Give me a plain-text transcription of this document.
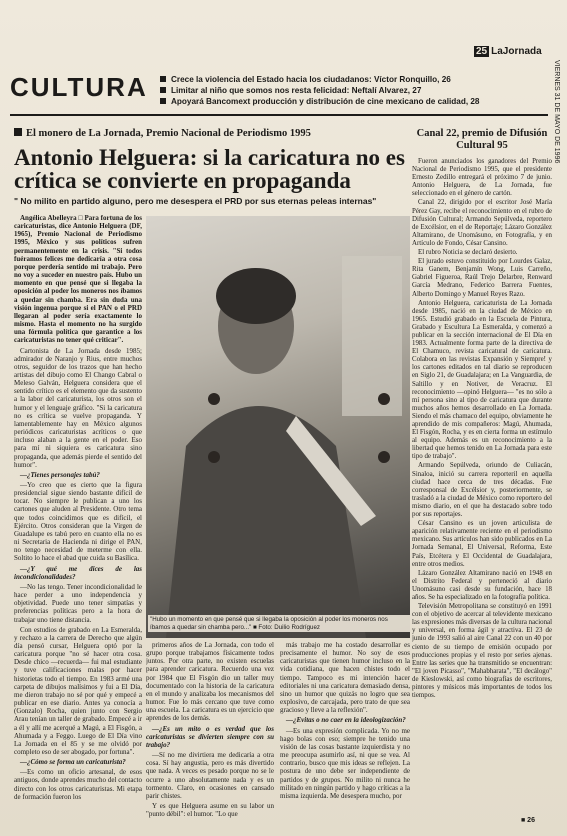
CULTURA	Crece la violencia del Estado hacia los ciudadanos: Víctor Ronquillo, 26
Limitar al niño que somos nos resta felicidad: Neftalí Alvarez, 27
Apoyará Bancomext producción y distribución de cine mexicano de calidad, 28
25 LaJornada
VIERNES 31 DE MAYO DE 1996
El monero de La Jornada, Premio Nacional de Periodismo 1995
Antonio Helguera: si la caricatura no es crítica se convierte en propaganda
" No milito en partido alguno, pero me desespera el PRD por sus eternas peleas internas"

Angélica Abelleyra □ Para fortuna de los caricaturistas, dice Antonio Helguera (DF, 1965), Premio Nacional de Periodismo 1995, México y sus políticos sufren permanentemente en la crisis. "Si todos fuéramos felices me dedicaría a otra cosa porque perdería sentido mi trabajo. Pero no voy a suceder en nuestro país. Hubo un momento en que pensé que si llegaba la oposición al poder los moneros nos íbamos a quedar sin chamba. Era sin duda una visión ingenua porque si el PAN o el PRD llegaran al poder sería exactamente lo mismo. Hasta el momento no ha surgido una fórmula política que garantice a los caricaturistas no tener qué criticar".

Cartonista de La Jornada desde 1985; admirador de Naranjo y Rius, entre muchos otros, seguidor de los trazos que han hecho artistas del dibujo como El Chango Cabral o Meleso Galván, Helguera considera que el sentido crítico es el elemento que da sustento a la labor del caricaturista, los otros son el humor y el lenguaje gráfico. "Si la caricatura no es crítica se vuelve propaganda. Y lamentablemente hay en México algunos periódicos caricaturistas acríticos o que incluso alaban a la gente en el poder. Eso para mí ni siquiera es caricatura sino propaganda, que además pierde el sentido del humor".

—¿Tienes personajes tabú?

—Yo creo que es cierto que la figura presidencial sigue siendo bastante difícil de tocar. No siempre le publican a uno los cartones que aluden al Presidente. Otro tema que todos coincidimos que es difícil, el Ejército. Otros consideran que la Virgen de Guadalupe es tabú pero en cuanto ella no es ni Secretaria de Hacienda ni dirige el PAN, no tengo necesidad de meterme con ella. Soltito lo hace el abad que cuida su Basílica.

—¿Y qué me dices de las incondicionalidades?

—No las tengo. Tener incondicionalidad le hace perder a uno independencia y objetividad. Puede uno tener simpatías y preferencias políticas pero a la hora de trabajar uno tiene distancia.

Con estudios de grabado en La Esmeralda, y rechazo a la carrera de Derecho que algún día pensó cursar, Helguera optó por la caricatura porque "no sé hacer otra cosa. Desde chico —recuerda— fui mal estudiante y tuve calificaciones malas por hacer historietas todo el tiempo. En 1983 armé una carpeta de dibujos malísimos y fui a El Día, me dieron trabajo no sé por qué y empecé a publicar en ese diario. Antes ya conocía a (Gonzalo) Rocha, quien junto con Sergio Arau tenían un taller de grabado. Empecé a ir a él y allí me acerqué a Magú, a El Fisgón, a Ahumada y a Feggo. Luego de El Día vino La Jornada en el 85 y se me olvidó por completo eso de ser abogado, por fortuna".

—¿Cómo se forma un caricaturista?

—Es como un oficio artesanal, de esos antiguos, donde aprendes mucho del contacto directo con los otros caricaturistas. Mi etapa de formación fueron los

"Hubo un momento en que pensé que si llegaba la oposición al poder los moneros nos íbamos a quedar sin chamba pero..." ■ Foto: Duilio Rodríguez

primeros años de La Jornada, con todo el grupo porque trabajamos físicamente todos juntos. Por otra parte, no existen escuelas para aprender caricatura. Recuerdo una vez por 1984 que El Fisgón dio un taller muy documentado con la historia de la caricatura en el mundo y analizaba los mecanismos del humor. Fue lo más cercano que tuve como una escuela. La caricatura es un ejercicio que aprendes de los demás.

—¿Es un mito o es verdad que los caricaturistas se divierten siempre con su trabajo?

—Sí no me divirtiera me dedicaría a otra cosa. Sí hay angustia, pero es más divertido que nada. A veces es pesado porque no se le ocurre a uno absolutamente nada y es un tormento. Claro, en ocasiones en cansado parir chistes.

Y es que Helguera asume en su labor un "punto débil": el humor. "Lo que

más trabajo me ha costado desarrollar es precisamente el humor. No soy de esos caricaturistas que tienen humor incluso en la vida cotidiana, que hacen chistes todo el tiempo. Tampoco es mi intención hacer editoriales ni una caricatura demasiado densa, sino un humor que quizás no logro que sea explosivo, de carcajada, pero trato de que sea gracioso y lleve a la reflexión".

—¿Evitas o no caer en la ideologización?

—Es una expresión complicada. Yo no me hago bolas con eso; siempre he tenido una visión de las cosas bastante izquierdista y no me preocupa asumirlo así, ni que se vea. Al contrario, busco que mis ideas se reflejen. La postura de uno debe ser independiente de partidos y de grupos. No milito ni nunca he militado en ningún partido y hago críticas a la misma izquierda. Me desespera mucho, por

■ 26
Canal 22, premio de Difusión Cultural 95

Fueron anunciados los ganadores del Premio Nacional de Periodismo 1995, que el presidente Ernesto Zedillo entregará el próximo 7 de junio. Antonio Helguera, de La Jornada, fue seleccionado en el género de cartón.

Canal 22, dirigido por el escritor José María Pérez Gay, recibe el reconocimiento en el rubro de Difusión Cultural; Armando Sepúlveda, reportero de Excélsior, en el de Reportaje; Lázaro González Altamirano, de Unomásuno, en Fotografía, y en Artículo de Fondo, César Cansino.

El rubro Noticia se declaró desierto.

El jurado estuvo constituido por Lourdes Galaz, Rita Ganem, Benjamín Wong, Luis Carreño, Gabriel Figueroa, Raúl Trejo Delarbre, Renward García Medrano, Federico Barrera Fuentes, Alberto Domingo y Manuel Reyes Razo.

Antonio Helguera, caricaturista de La Jornada desde 1985, nació en la ciudad de México en 1965. Estudió grabado en la Escuela de Pintura, Grabado y Escultura La Esmeralda, y comenzó a publicar en la sección internacional de El Día en 1983. Actualmente forma parte de la directiva de El Chamuco, revista caricatural de caricatura. Colabora en las revistas Expansión y Siempre! y los cartones editados en tal diario se reproducen en Siglo 21, de Guadalajara; en La Vanguardia, de Saltillo y en Notiver, de Veracruz. El reconocimiento —opinó Helguera— "es no sólo a mí persona sino al tipo de caricatura que durante muchos años hemos desarrollado en La Jornada. Siendo el más chamaco del equipo, obviamente he aprendido de mis compañeros: Magú, Ahumada, El Fisgón, Rocha, y es en cierta forma un estímulo al equipo. Además es un reconocimiento a la libertad que hemos tenido en La Jornada para este tipo de trabajo".

Armando Sepúlveda, oriundo de Culiacán, Sinaloa, inició su carrera reporteril en aquella ciudad hace cerca de tres décadas. Fue corresponsal de Excélsior y, posteriormente, se trasladó a la ciudad de México como reportero del mismo diario, en el que ha destacado sobre todo por sus reportajes.

César Cansino es un joven articulista de aparición relativamente reciente en el periodismo mexicano. Sus artículos han sido publicados en La Jornada Semanal, El Universal, Reforma, Este País, Etcétera y El Occidental de Guadalajara, entre otros medios.

Lázaro González Altamirano nació en 1948 en el Distrito Federal y perteneció al diario Unomásuno casi desde su fundación, hace 18 años. Se ha especializado en la fotografía política.

Televisión Metropolitana se constituyó en 1991 con el objetivo de acercar al televidente mexicano las expresiones más diversas de la cultura nacional y universal, en forma ágil y atractiva. El 23 de junio de 1993 salió al aire Canal 22 con un 40 por ciento de su tiempo de emisión ocupado por producciones propias y el resto por series ajenas. Entre las series que ha transmitido se encuentran: "El joven Picasso", "Mahabharata", "El decálogo" de Kieslowski, así como biografías de escritores, pintores y músicos más importantes de todos los tiempos.
